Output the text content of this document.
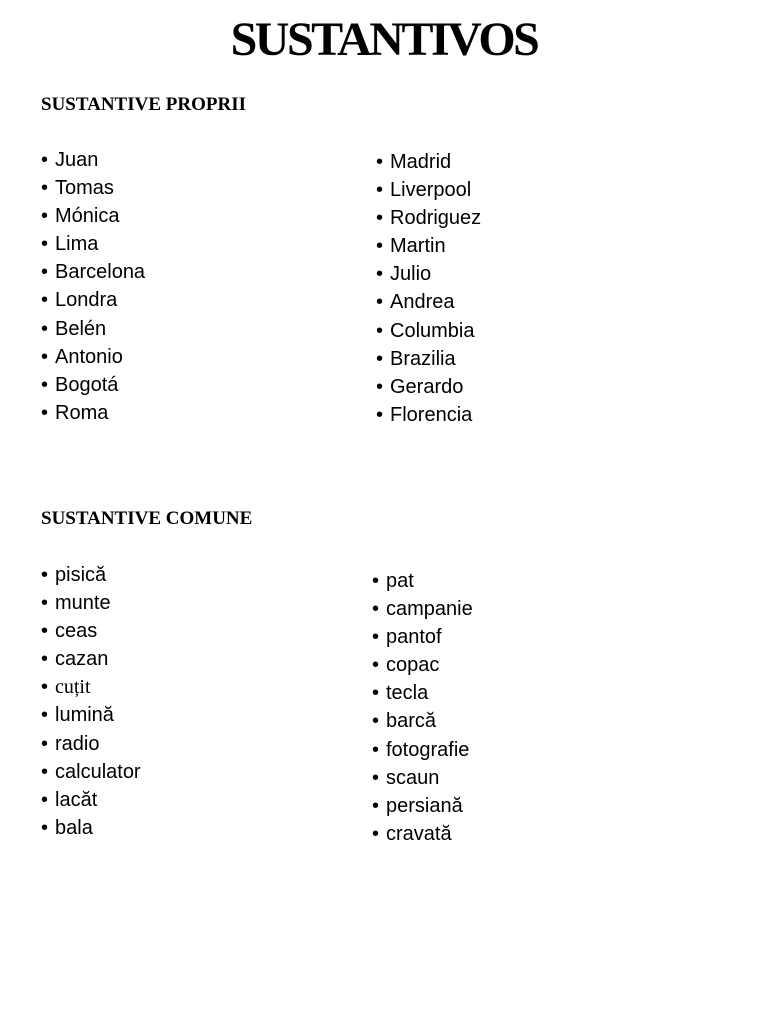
SUSTANTIVOS
SUSTANTIVE PROPRII
• Juan
• Tomas
• Mónica
• Lima
• Barcelona
• Londra
• Belén
• Antonio
• Bogotá
• Roma
• Madrid
• Liverpool
• Rodriguez
• Martin
• Julio
• Andrea
• Columbia
• Brazilia
• Gerardo
• Florencia
SUSTANTIVE COMUNE
• pisică
• munte
• ceas
• cazan
• cuțit
• lumină
• radio
• calculator
• lacăt
• bala
• pat
• campanie
• pantof
• copac
• tecla
• barcă
• fotografie
• scaun
• persiană
• cravată
